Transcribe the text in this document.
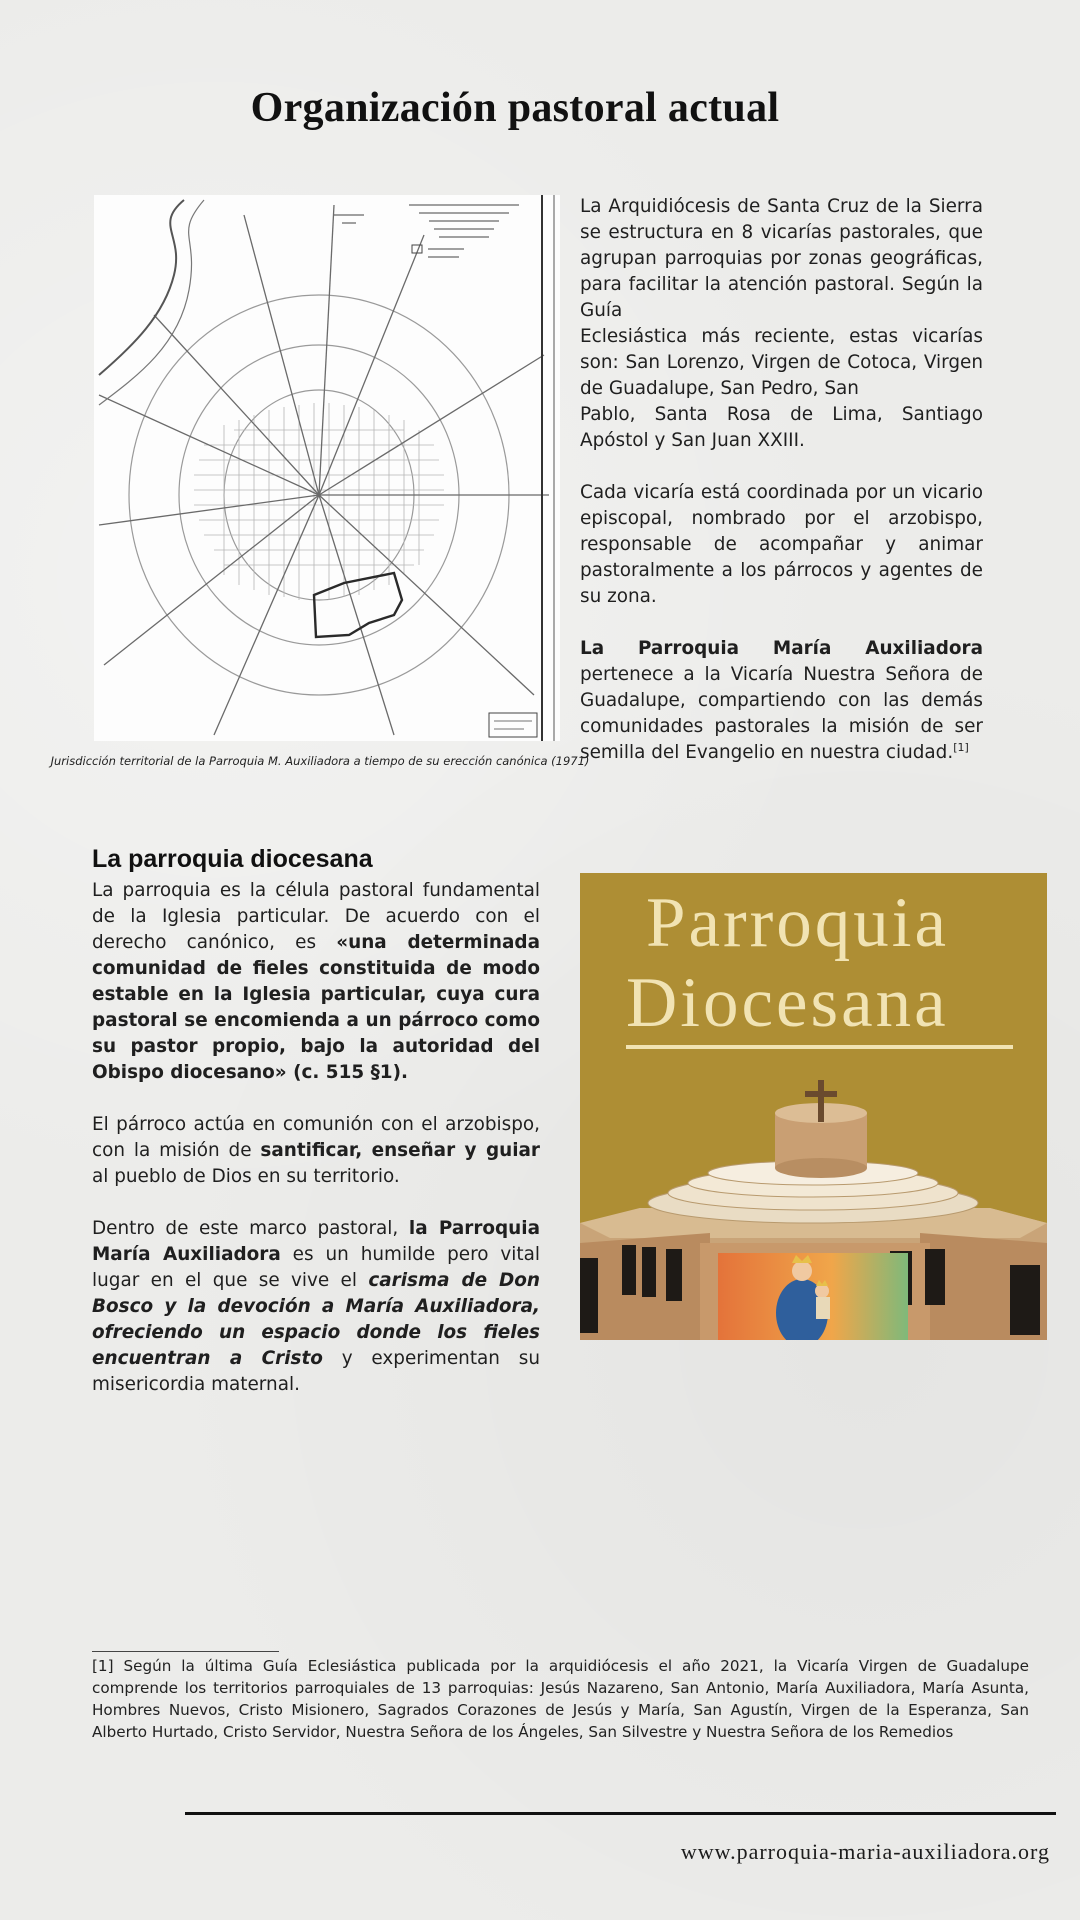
Organización pastoral actual
Jurisdicción territorial de la Parroquia M. Auxiliadora a tiempo de su erección canónica (1971)

La Arquidiócesis de Santa Cruz de la Sierra se estructura en 8 vicarías pastorales, que agrupan parroquias por zonas geográficas, para facilitar la atención pastoral. Según la Guía
Eclesiástica más reciente, estas vicarías son: San Lorenzo, Virgen de Cotoca, Virgen de Guadalupe, San Pedro, San
Pablo, Santa Rosa de Lima, Santiago Apóstol y San Juan XXIII.

Cada vicaría está coordinada por un vicario episcopal, nombrado por el arzobispo, responsable de acompañar y animar pastoralmente a los párrocos y agentes de su zona.

La Parroquia María Auxiliadora pertenece a la Vicaría Nuestra Señora de Guadalupe, compartiendo con las demás comunidades pastorales la misión de ser semilla del Evangelio en nuestra ciudad.[1]

La parroquia diocesana

La parroquia es la célula pastoral fundamental de la Iglesia particular. De acuerdo con el derecho canónico, es «una determinada comunidad de fieles constituida de modo estable en la Iglesia particular, cuya cura pastoral se encomienda a un párroco como su pastor propio, bajo la autoridad del Obispo diocesano» (c. 515 §1).

El párroco actúa en comunión con el arzobispo, con la misión de santificar, enseñar y guiar al pueblo de Dios en su territorio.

Dentro de este marco pastoral, la Parroquia María Auxiliadora es un humilde pero vital lugar en el que se vive el carisma de Don Bosco y la devoción a María Auxiliadora, ofreciendo un espacio donde los fieles encuentran a Cristo y experimentan su misericordia maternal.

Parroquia
Diocesana
[1] Según la última Guía Eclesiástica publicada por la arquidiócesis el año 2021, la Vicaría Virgen de Guadalupe comprende los territorios parroquiales de 13 parroquias: Jesús Nazareno, San Antonio, María Auxiliadora, María Asunta, Hombres Nuevos, Cristo Misionero, Sagrados Corazones de Jesús y María, San Agustín, Virgen de la Esperanza, San Alberto Hurtado, Cristo Servidor, Nuestra Señora de los Ángeles, San Silvestre y Nuestra Señora de los Remedios
www.parroquia-maria-auxiliadora.org
